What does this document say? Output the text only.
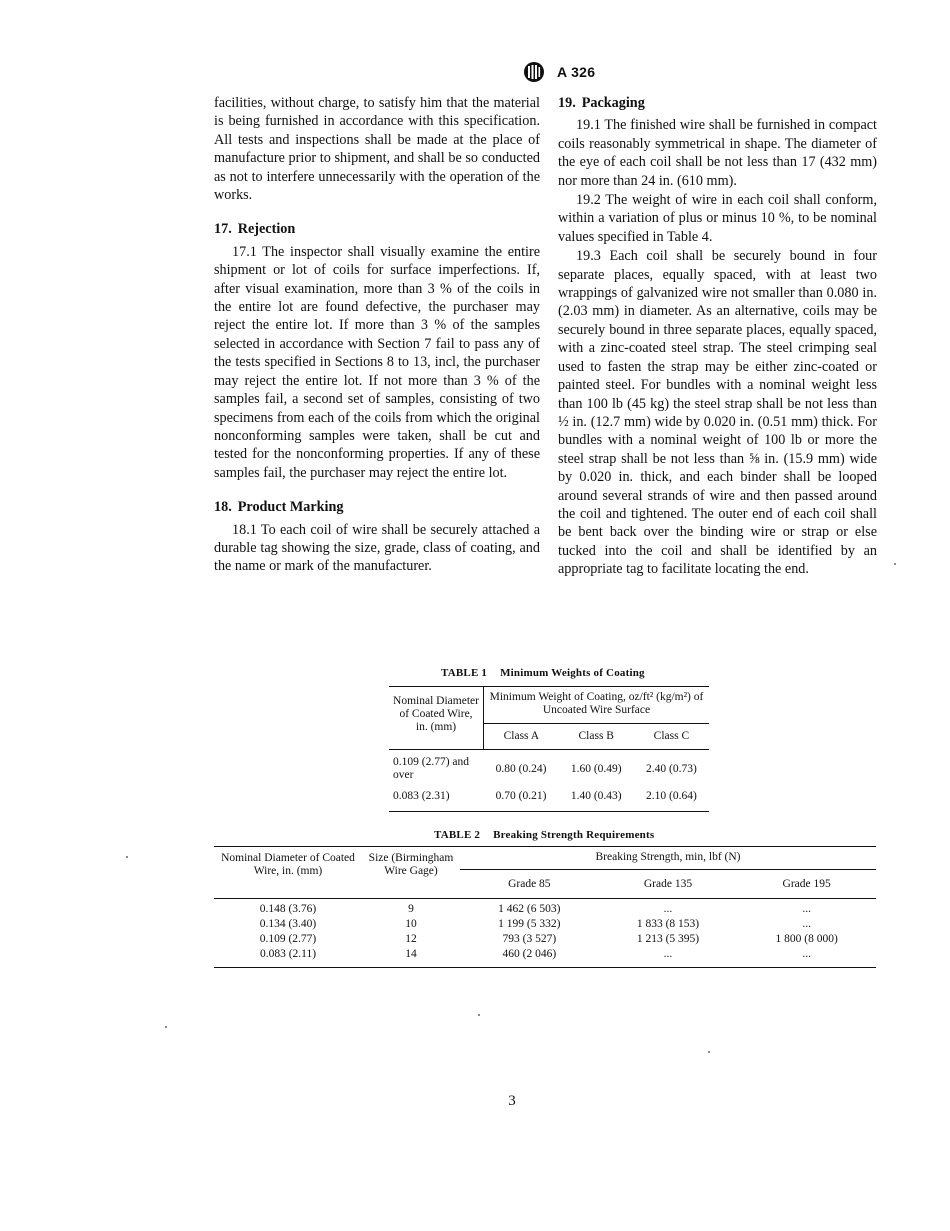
A 326

facilities, without charge, to satisfy him that the material is being furnished in accordance with this specification. All tests and inspections shall be made at the place of manufacture prior to shipment, and shall be so conducted as not to interfere unnecessarily with the operation of the works.

17. Rejection

17.1 The inspector shall visually examine the entire shipment or lot of coils for surface imperfections. If, after visual examination, more than 3 % of the coils in the entire lot are found defective, the purchaser may reject the entire lot. If more than 3 % of the samples selected in accordance with Section 7 fail to pass any of the tests specified in Sections 8 to 13, incl, the purchaser may reject the entire lot. If not more than 3 % of the samples fail, a second set of samples, consisting of two specimens from each of the coils from which the original nonconforming samples were taken, shall be cut and tested for the nonconforming properties. If any of these samples fail, the purchaser may reject the entire lot.

18. Product Marking

18.1 To each coil of wire shall be securely attached a durable tag showing the size, grade, class of coating, and the name or mark of the manufacturer.

19. Packaging

19.1 The finished wire shall be furnished in compact coils reasonably symmetrical in shape. The diameter of the eye of each coil shall be not less than 17 (432 mm) nor more than 24 in. (610 mm).

19.2 The weight of wire in each coil shall conform, within a variation of plus or minus 10 %, to be nominal values specified in Table 4.

19.3 Each coil shall be securely bound in four separate places, equally spaced, with at least two wrappings of galvanized wire not smaller than 0.080 in. (2.03 mm) in diameter. As an alternative, coils may be securely bound in three separate places, equally spaced, with a zinc-coated steel strap. The steel crimping seal used to fasten the strap may be either zinc-coated or painted steel. For bundles with a nominal weight less than 100 lb (45 kg) the steel strap shall be not less than ½ in. (12.7 mm) wide by 0.020 in. (0.51 mm) thick. For bundles with a nominal weight of 100 lb or more the steel strap shall be not less than ⅝ in. (15.9 mm) wide by 0.020 in. thick, and each binder shall be looped around several strands of wire and then passed around the coil and tightened. The outer end of each coil shall be bent back over the binding wire or strap or else tucked into the coil and shall be identified by an appropriate tag to facilitate locating the end.

TABLE 1 Minimum Weights of Coating
Nominal Diameter of Coated Wire, in. (mm)	Minimum Weight of Coating, oz/ft² (kg/m²) of Uncoated Wire Surface		
	Class A	Class B	Class C
0.109 (2.77) and over	0.80 (0.24)	1.60 (0.49)	2.40 (0.73)
0.083 (2.31)	0.70 (0.21)	1.40 (0.43)	2.10 (0.64)
TABLE 2 Breaking Strength Requirements
Nominal Diameter of Coated Wire, in. (mm)	Size (Birmingham Wire Gage)	Breaking Strength, min, lbf (N)		
		Grade 85	Grade 135	Grade 195
0.148 (3.76)	9	1 462 (6 503)	...	...
0.134 (3.40)	10	1 199 (5 332)	1 833 (8 153)	...
0.109 (2.77)	12	793 (3 527)	1 213 (5 395)	1 800 (8 000)
0.083 (2.11)	14	460 (2 046)	...	...
3
